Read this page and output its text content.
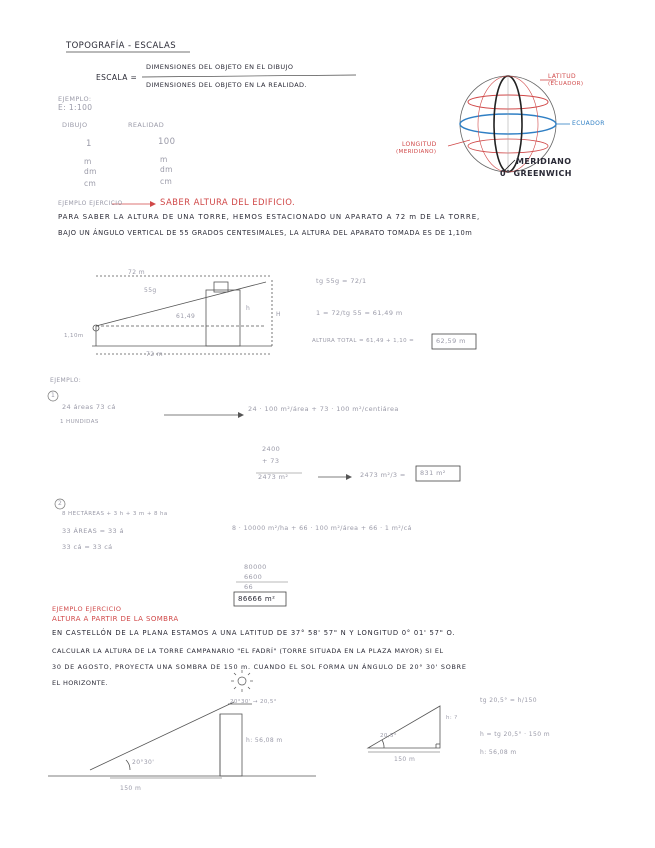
TOPOGRAFÍA - ESCALAS
ESCALA =
DIMENSIONES DEL OBJETO EN EL DIBUJO
DIMENSIONES DEL OBJETO EN LA REALIDAD.
EJEMPLO:
E: 1:100
DIBUJO	REALIDAD
1	100
m	m
dm	dm
cm	cm
LATITUD
(ECUADOR)
ECUADOR
LONGITUD
(MERIDIANO)
MERIDIANO
0° GREENWICH
EJEMPLO EJERCICIO	SABER ALTURA DEL EDIFICIO.
PARA SABER LA ALTURA DE UNA TORRE, HEMOS ESTACIONADO UN APARATO A 72 m DE LA TORRE,
BAJO UN ÁNGULO VERTICAL DE 55 GRADOS CENTESIMALES, LA ALTURA DEL APARATO TOMADA ES DE 1,10m
72 m
55g
61,49
h
H
1,10m
72 m
tg 55g = 72/1
1 = 72/tg 55 = 61,49 m
ALTURA TOTAL = 61,49 + 1,10 =	62,59 m
EJEMPLO:
1
24 áreas 73 cá
1 HUNDIDAS
24 · 100 m²/área + 73 · 100 m²/centiárea
2400
+ 73
2473 m²	2473 m²/3 = 831 m²
2
8 HECTÁREAS + 3 h + 3 m + 8 ha
33 ÁREAS = 33 á
33 cá = 33 cá
8 · 10000 m²/ha + 66 · 100 m²/área + 66 · 1 m²/cá
80000
6600
66
86666 m²
EJEMPLO EJERCICIO
ALTURA A PARTIR DE LA SOMBRA
EN CASTELLÓN DE LA PLANA ESTAMOS A UNA LATITUD DE 37° 58' 57" N Y LONGITUD 0° 01' 57" O.
CALCULAR LA ALTURA DE LA TORRE CAMPANARIO "EL FADRÍ" (TORRE SITUADA EN LA PLAZA MAYOR) SI EL
30 DE AGOSTO, PROYECTA UNA SOMBRA DE 150 m. CUANDO EL SOL FORMA UN ÁNGULO DE 20° 30' SOBRE
EL HORIZONTE.
20°30' → 20,5°
h: 56,08 m
20°30'
150 m
20,5°
h: ?
150 m
tg 20,5° = h/150
h = tg 20,5° · 150 m
h: 56,08 m
